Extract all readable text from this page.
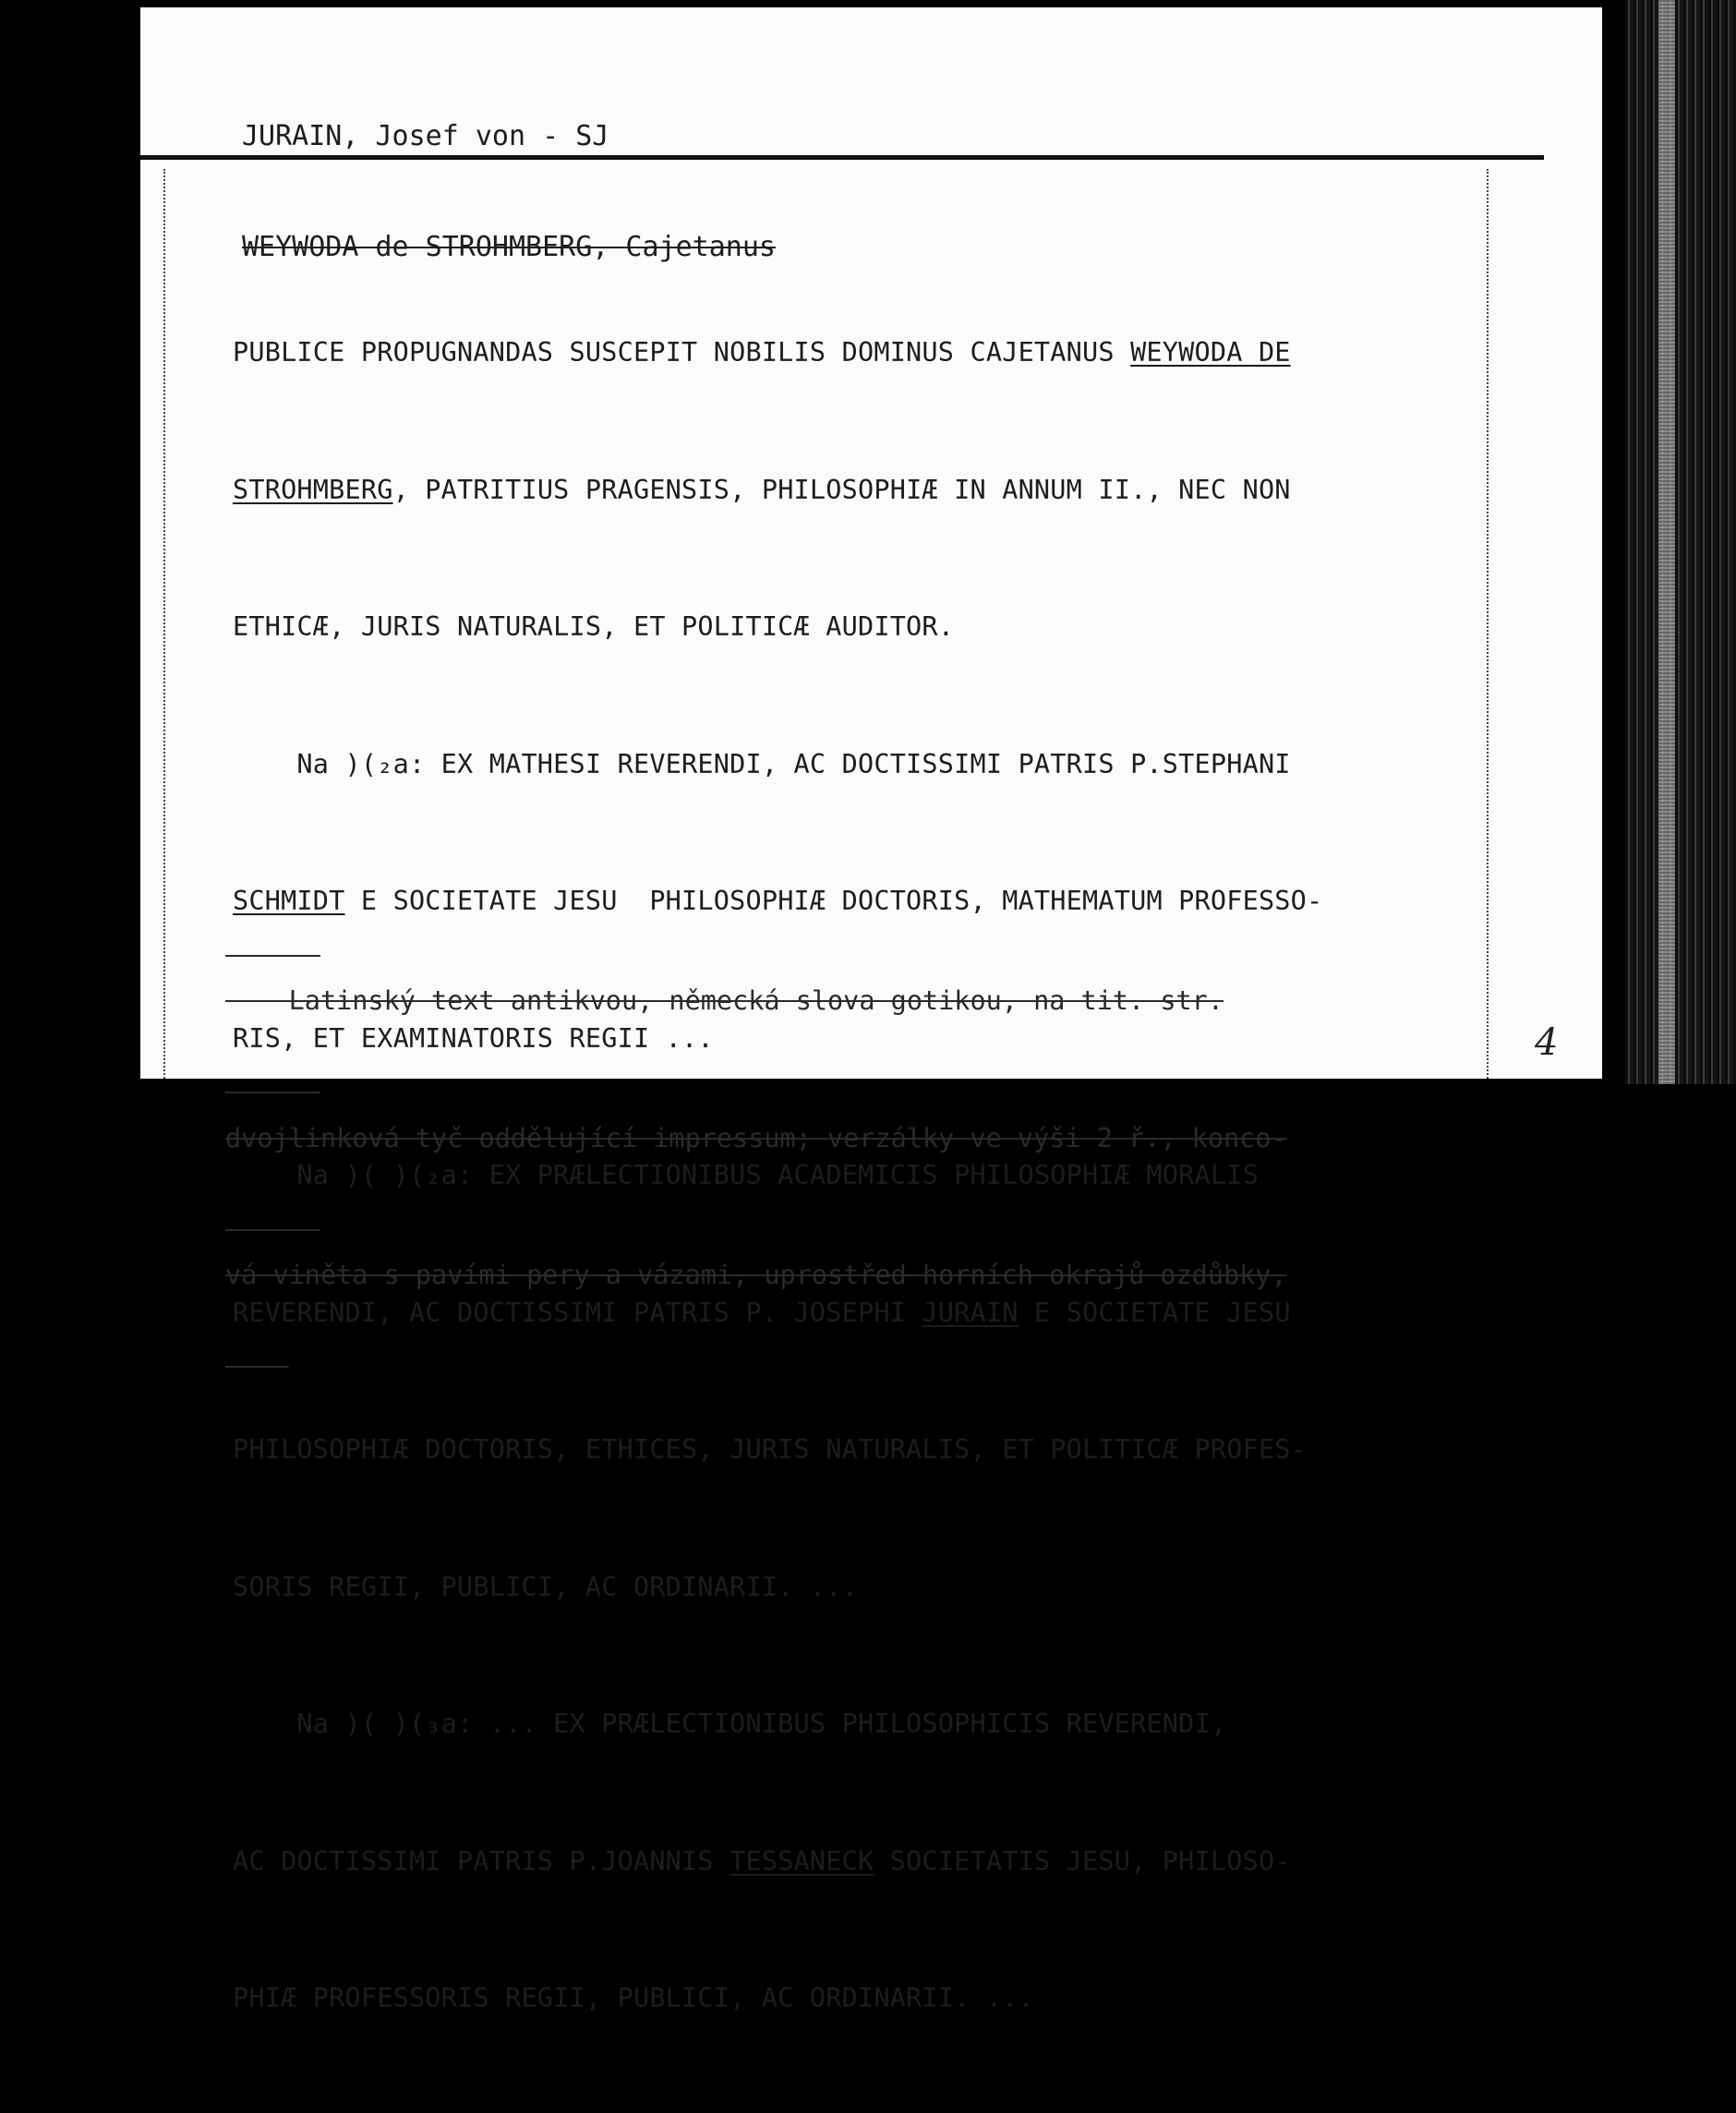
JURAIN, Josef von - SJ

WEYWODA de STROHMBERG, Cajetanus

PUBLICE PROPUGNANDAS SUSCEPIT NOBILIS DOMINUS CAJETANUS WEYWODA DE

STROHMBERG, PATRITIUS PRAGENSIS, PHILOSOPHIÆ IN ANNUM II., NEC NON

ETHICÆ, JURIS NATURALIS, ET POLITICÆ AUDITOR.

Na )(₂a: EX MATHESI REVERENDI, AC DOCTISSIMI PATRIS P.STEPHANI

SCHMIDT E SOCIETATE JESU  PHILOSOPHIÆ DOCTORIS, MATHEMATUM PROFESSO-

RIS, ET EXAMINATORIS REGII ...

Na )( )(₂a: EX PRÆLECTIONIBUS ACADEMICIS PHILOSOPHIÆ MORALIS

REVERENDI, AC DOCTISSIMI PATRIS P. JOSEPHI JURAIN E SOCIETATE JESU

PHILOSOPHIÆ DOCTORIS, ETHICES, JURIS NATURALIS, ET POLITICÆ PROFES-

SORIS REGII, PUBLICI, AC ORDINARII. ...

Na )( )(₃a: ... EX PRÆLECTIONIBUS PHILOSOPHICIS REVERENDI,

AC DOCTISSIMI PATRIS P.JOANNIS TESSANECK SOCIETATIS JESU, PHILOSO-

PHIÆ PROFESSORIS REGII, PUBLICI, AC ORDINARII. ...

Latinský text antikvou, německá slova gotikou, na tit. str.

dvojlinková tyč oddělující impressum; verzálky ve výši 2 ř., konco-

vá viněta s pavími pery a vázami, uprostřed horních okrajů ozdůbky,

4
